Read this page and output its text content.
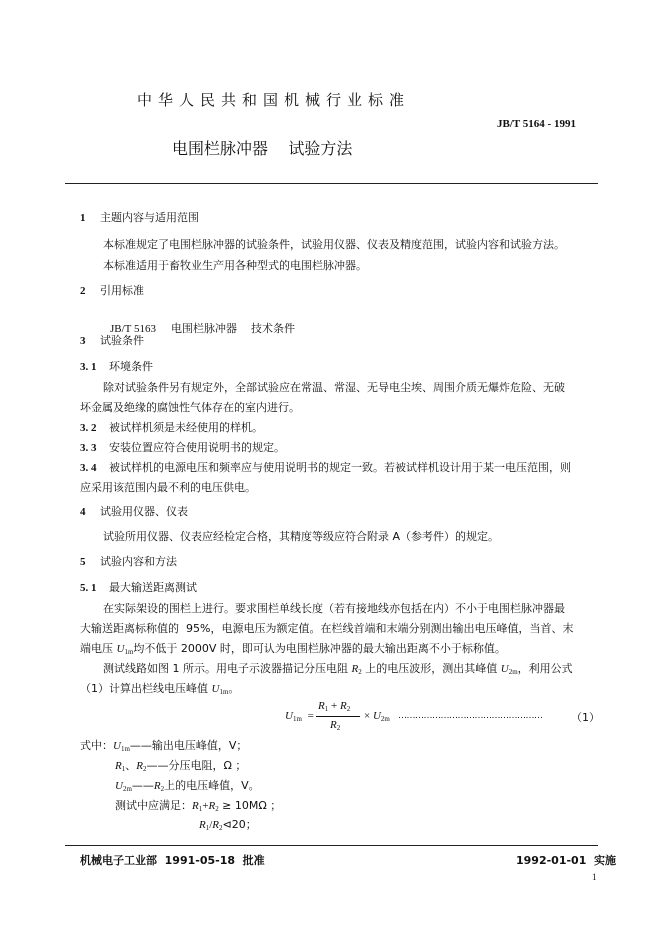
中华人民共和国机械行业标准
JB/T 5164 - 1991
电围栏脉冲器    试验方法
1 主题内容与适用范围
本标准规定了电围栏脉冲器的试验条件，试验用仪器、仪表及精度范围，试验内容和试验方法。
本标准适用于畜牧业生产用各种型式的电围栏脉冲器。
2 引用标准

JB/T 5163 电围栏脉冲器    技术条件

3 试验条件
3. 1 环境条件
除对试验条件另有规定外，全部试验应在常温、常湿、无导电尘埃、周围介质无爆炸危险、无破
坏金属及绝缘的腐蚀性气体存在的室内进行。
3. 2 被试样机须是未经使用的样机。
3. 3 安装位置应符合使用说明书的规定。
3. 4 被试样机的电源电压和频率应与使用说明书的规定一致。若被试样机设计用于某一电压范围，则
应采用该范围内最不利的电压供电。
4 试验用仪器、仪表
试验所用仪器、仪表应经检定合格，其精度等级应符合附录 A（参考件）的规定。
5 试验内容和方法
5. 1 最大输送距离测试
在实际架设的围栏上进行。要求围栏单线长度（若有接地线亦包括在内）不小于电围栏脉冲器最
大输送距离标称值的  95%，电源电压为额定值。在栏线首端和末端分别测出输出电压峰值，当首、末
端电压 $U_{1m}$均不低于 2000V 时，即可认为电围栏脉冲器的最大输出距离不小于标称值。
测试线路如图 1 所示。用电子示波器描记分压电阻 $R_2$ 上的电压波形，测出其峰值 $U_{2m}$，利用公式
（1）计算出栏线电压峰值 $U_{1m}$。
$U_{1m}$ =
$R_1 + R_2$
$R_2$
× $U_{2m}$ ……………………………………………	（1）
式中：$U_{1m}——$输出电压峰值，V；
$R_1$、$R_2——$分压电阻，Ω ；
$U_{2m}——R_2$上的电压峰值，V。
测试中应满足：$R_1+R_2 \ge 10M\Omega$ ；
$R_1/R_2⊲20$；
机械电子工业部  1991-05-18  批准	1992-01-01  实施
1
